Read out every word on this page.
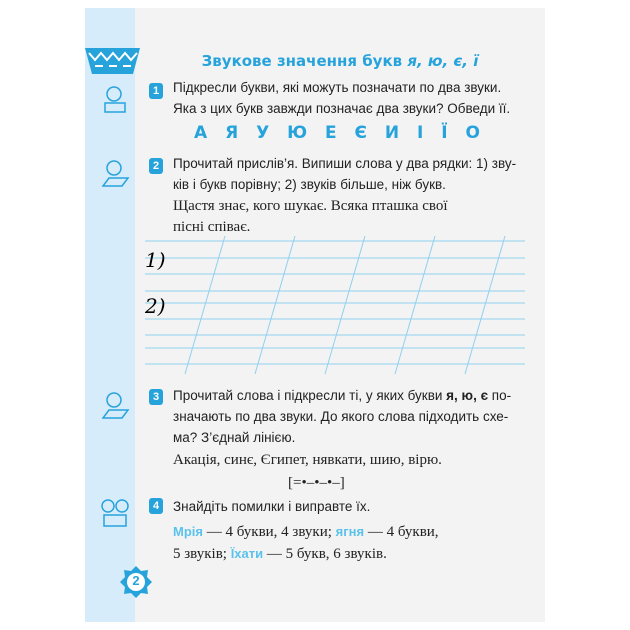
Звукове значення букв я, ю, є, ї
1 Підкресли букви, які можуть позначати по два звуки.
Яка з цих букв завжди позначає два звуки? Обведи її.
А Я У Ю Е Є И І Ї О
2 Прочитай прислів’я. Випиши слова у два рядки: 1) зву-
ків і букв порівну; 2) звуків більше, ніж букв.
Щастя знає, кого шукає. Всяка пташка свої
пісні співає.
1)
2)
3 Прочитай слова і підкресли ті, у яких букви я, ю, є по-
значають по два звуки. До якого слова підходить схе-
ма? З’єднай лінією.
Акація, синє, Єгипет, нявкати, шию, вірю.
[=•–•–•–]
4 Знайдіть помилки і виправте їх.
Мрія — 4 букви, 4 звуки; ягня — 4 букви,
5 звуків; Їхати — 5 букв, 6 звуків.
2
